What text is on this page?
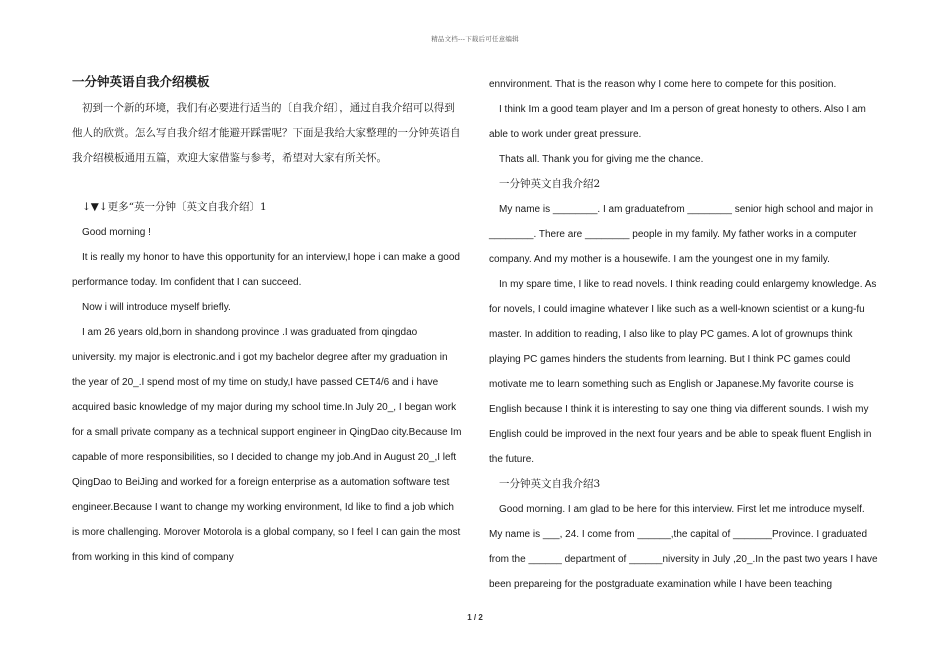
精品文档---下载后可任意编辑
一分钟英语自我介绍模板

初到一个新的环境，我们有必要进行适当的〔自我介绍〕，通过自我介绍可以得到他人的欣赏。怎么写自我介绍才能避开踩雷呢？下面是我给大家整理的一分钟英语自我介绍模板通用五篇，欢迎大家借鉴与参考，希望对大家有所关怀。

↓▼↓更多“英一分钟〔英文自我介绍〕1

Good morning !

It is really my honor to have this opportunity for an interview,I hope i can make a good performance today. Im confident that I can succeed.

Now i will introduce myself briefly.

I am 26 years old,born in shandong province .I was graduated from qingdao university. my major is electronic.and i got my bachelor degree after my graduation in the year of 20_.I spend most of my time on study,I have passed CET4/6 and i have acquired basic knowledge of my major during my school time.In July 20_, I began work for a small private company as a technical support engineer in QingDao city.Because Im capable of more responsibilities, so I decided to change my job.And in August 20_,I left QingDao to BeiJing and worked for a foreign enterprise as a automation software test engineer.Because I want to change my working environment, Id like to find a job which is more challenging. Morover Motorola is a global company, so I feel I can gain the most from working in this kind of company

ennvironment. That is the reason why I come here to compete for this position.

I think Im a good team player and Im a person of great honesty to others. Also I am able to work under great pressure.

Thats all. Thank you for giving me the chance.

一分钟英文自我介绍2

My name is ________. I am graduatefrom ________ senior high school and major in ________. There are ________ people in my family. My father works in a computer company. And my mother is a housewife. I am the youngest one in my family.

In my spare time, I like to read novels. I think reading could enlargemy knowledge. As for novels, I could imagine whatever I like such as a well-known scientist or a kung-fu master. In addition to reading, I also like to play PC games. A lot of grownups think playing PC games hinders the students from learning. But I think PC games could motivate me to learn something such as English or Japanese.My favorite course is English because I think it is interesting to say one thing via different sounds. I wish my English could be improved in the next four years and be able to speak fluent English in the future.

一分钟英文自我介绍3

Good morning. I am glad to be here for this interview. First let me introduce myself. My name is ___, 24. I come from ______,the capital of _______Province. I graduated from the ______ department of ______niversity in July ,20_.In the past two years I have been prepareing for the postgraduate examination while I have been teaching

1 / 2
